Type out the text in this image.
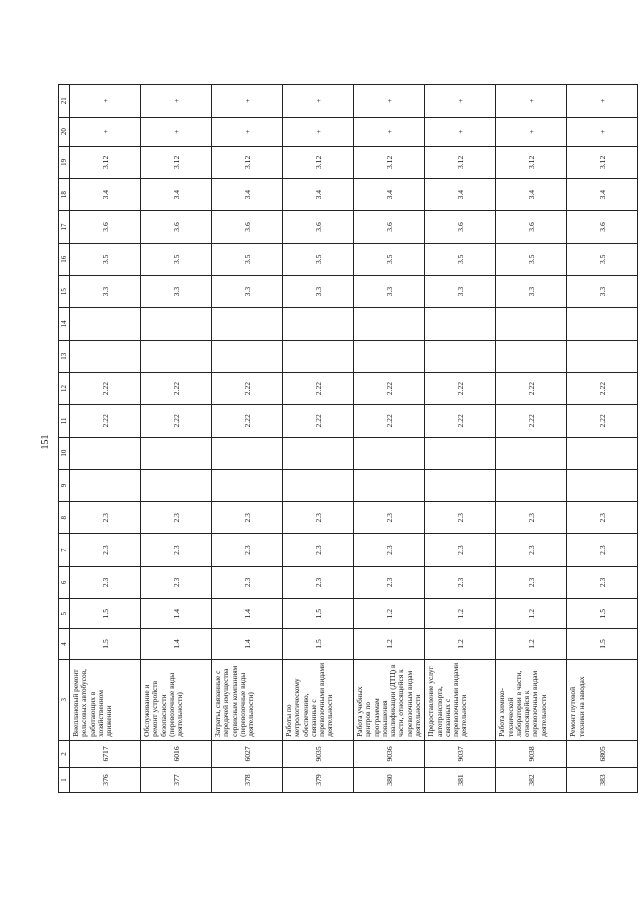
151
1	2	3	4	5	6	7	8	9	10	11	12	13	14	15	16	17	18	19	20	21
376	6717	Внеплановый ремонт рельсовых автобусов, работающих в хозяйственном движении	1.5	1.5	2.3	2.3	2.3			2.22	2.22			3.3	3.5	3.6	3.4	3.12	+	+
377	6016	Обслуживание и ремонт устройств безопасности (перевозочные виды деятельности)	1.4	1.4	2.3	2.3	2.3			2.22	2.22			3.3	3.5	3.6	3.4	3.12	+	+
378	6027	Затраты, связанные с передачей имущества сервисным компаниям (перевозочные виды деятельности)	1.4	1.4	2.3	2.3	2.3			2.22	2.22			3.3	3.5	3.6	3.4	3.12	+	+
379	9035	Работы по метрологическому обеспечению, связанные с перевозочными видами деятельности	1.5	1.5	2.3	2.3	2.3			2.22	2.22			3.3	3.5	3.6	3.4	3.12	+	+
380	9036	Работа учебных центров по программам повышения квалификации (ДТЦ) в части, относящейся к перевозочным видам деятельности	1.2	1.2	2.3	2.3	2.3			2.22	2.22			3.3	3.5	3.6	3.4	3.12	+	+
381	9037	Предоставление услуг автотранспорта, связанных с перевозочными видами деятельности	1.2	1.2	2.3	2.3	2.3			2.22	2.22			3.3	3.5	3.6	3.4	3.12	+	+
382	9038	Работа химико-технической лаборатории в части, относящейся к перевозочным видам деятельности	1.2	1.2	2.3	2.3	2.3			2.22	2.22			3.3	3.5	3.6	3.4	3.12	+	+
383	6805	Ремонт путевой техники на заводах	1.5	1.5	2.3	2.3	2.3			2.22	2.22			3.3	3.5	3.6	3.4	3.12	+	+
